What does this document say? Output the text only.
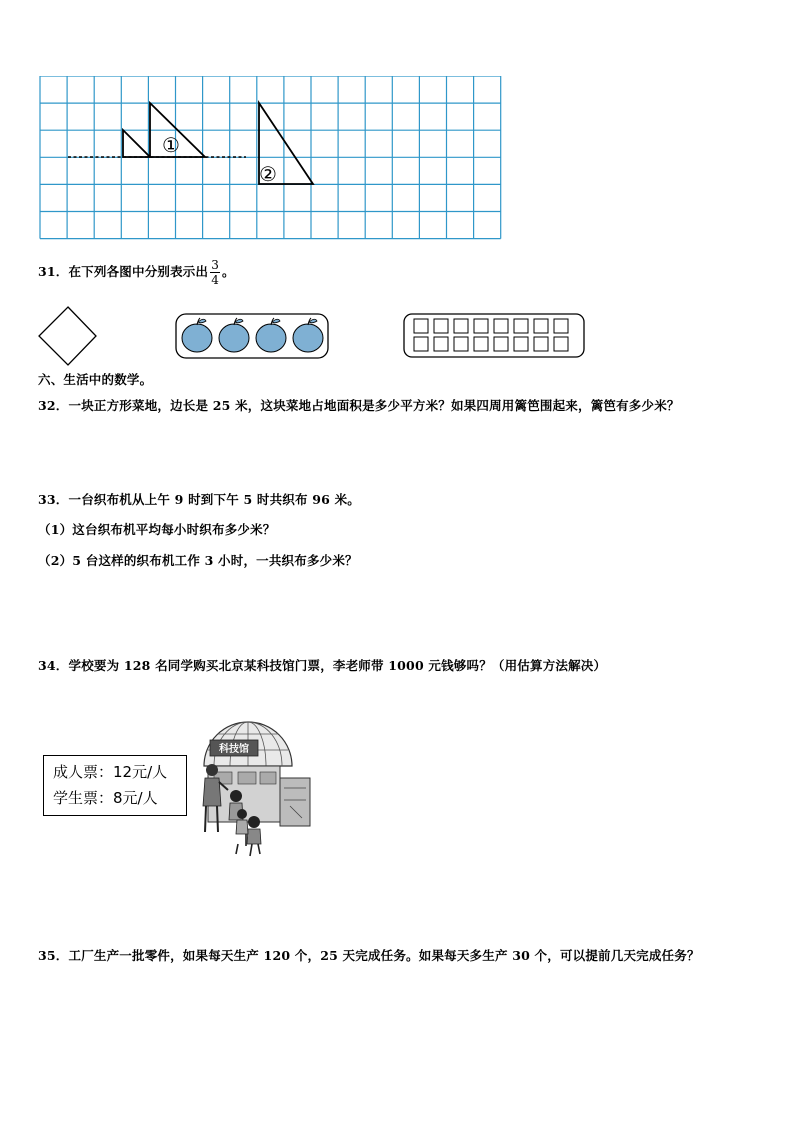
①
②
31．在下列各图中分别表示出 $\frac{3}{4}$ 。
六、生活中的数学。
32．一块正方形菜地，边长是 25 米，这块菜地占地面积是多少平方米？如果四周用篱笆围起来，篱笆有多少米？
33．一台织布机从上午 9 时到下午 5 时共织布 96 米。
（1）这台织布机平均每小时织布多少米？
（2）5 台这样的织布机工作 3 小时，一共织布多少米？
34．学校要为 128 名同学购买北京某科技馆门票，李老师带 1000 元钱够吗？（用估算方法解决）
成人票：12元/人
学生票：8元/人
科技馆
35．工厂生产一批零件，如果每天生产 120 个，25 天完成任务。如果每天多生产 30 个，可以提前几天完成任务？
